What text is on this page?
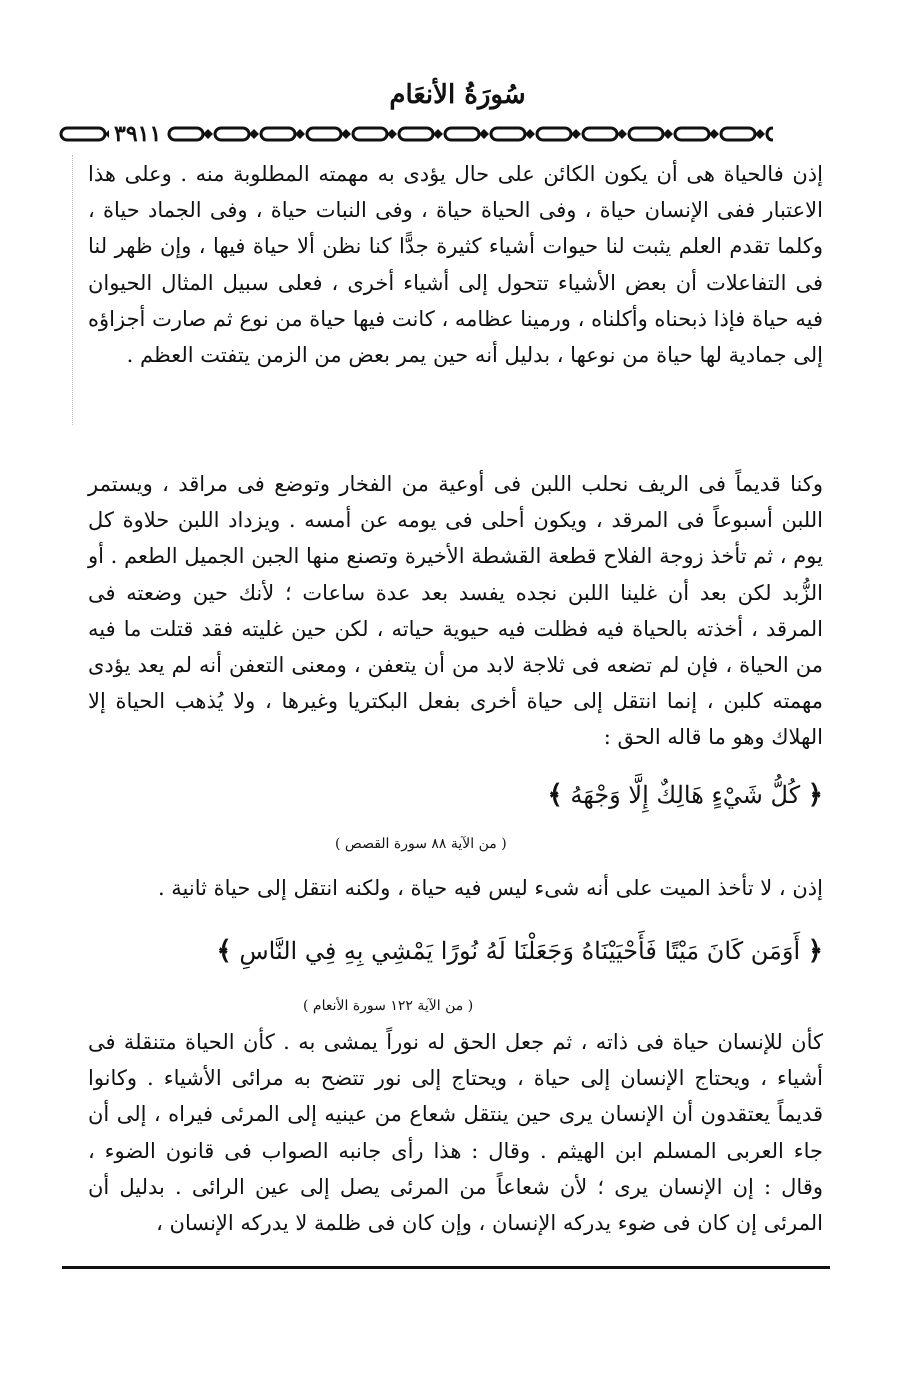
سُورَةُ الأنعَام
٣٩١١

إذن فالحياة هى أن يكون الكائن على حال يؤدى به مهمته المطلوبة منه . وعلى هذا الاعتبار ففى الإنسان حياة ، وفى الحياة حياة ، وفى النبات حياة ، وفى الجماد حياة ، وكلما تقدم العلم يثبت لنا حيوات أشياء كثيرة جدًّا كنا نظن ألا حياة فيها ، وإن ظهر لنا فى التفاعلات أن بعض الأشياء تتحول إلى أشياء أخرى ، فعلى سبيل المثال الحيوان فيه حياة فإذا ذبحناه وأكلناه ، ورمينا عظامه ، كانت فيها حياة من نوع ثم صارت أجزاؤه إلى جمادية لها حياة من نوعها ، بدليل أنه حين يمر بعض من الزمن يتفتت العظم .

وكنا قديماً فى الريف نحلب اللبن فى أوعية من الفخار وتوضع فى مراقد ، ويستمر اللبن أسبوعاً فى المرقد ، ويكون أحلى فى يومه عن أمسه . ويزداد اللبن حلاوة كل يوم ، ثم تأخذ زوجة الفلاح قطعة القشطة الأخيرة وتصنع منها الجبن الجميل الطعم . أو الزُّبد لكن بعد أن غلينا اللبن نجده يفسد بعد عدة ساعات ؛ لأنك حين وضعته فى المرقد ، أخذته بالحياة فيه فظلت فيه حيوية حياته ، لكن حين غليته فقد قتلت ما فيه من الحياة ، فإن لم تضعه فى ثلاجة لابد من أن يتعفن ، ومعنى التعفن أنه لم يعد يؤدى مهمته كلبن ، إنما انتقل إلى حياة أخرى بفعل البكتريا وغيرها ، ولا يُذهب الحياة إلا الهلاك وهو ما قاله الحق :

﴿ كُلُّ شَيْءٍ هَالِكٌ إِلَّا وَجْهَهُ ﴾
( من الآية ٨٨ سورة القصص )

إذن ، لا تأخذ الميت على أنه شىء ليس فيه حياة ، ولكنه انتقل إلى حياة ثانية .

﴿ أَوَمَن كَانَ مَيْتًا فَأَحْيَيْنَاهُ وَجَعَلْنَا لَهُ نُورًا يَمْشِي بِهِ فِي النَّاسِ ﴾
( من الآية ١٢٢ سورة الأنعام )

كأن للإنسان حياة فى ذاته ، ثم جعل الحق له نوراً يمشى به . كأن الحياة متنقلة فى أشياء ، ويحتاج الإنسان إلى حياة ، ويحتاج إلى نور تتضح به مرائى الأشياء . وكانوا قديماً يعتقدون أن الإنسان يرى حين ينتقل شعاع من عينيه إلى المرئى فيراه ، إلى أن جاء العربى المسلم ابن الهيثم . وقال : هذا رأى جانبه الصواب فى قانون الضوء ، وقال : إن الإنسان يرى ؛ لأن شعاعاً من المرئى يصل إلى عين الرائى . بدليل أن المرئى إن كان فى ضوء يدركه الإنسان ، وإن كان فى ظلمة لا يدركه الإنسان ،
